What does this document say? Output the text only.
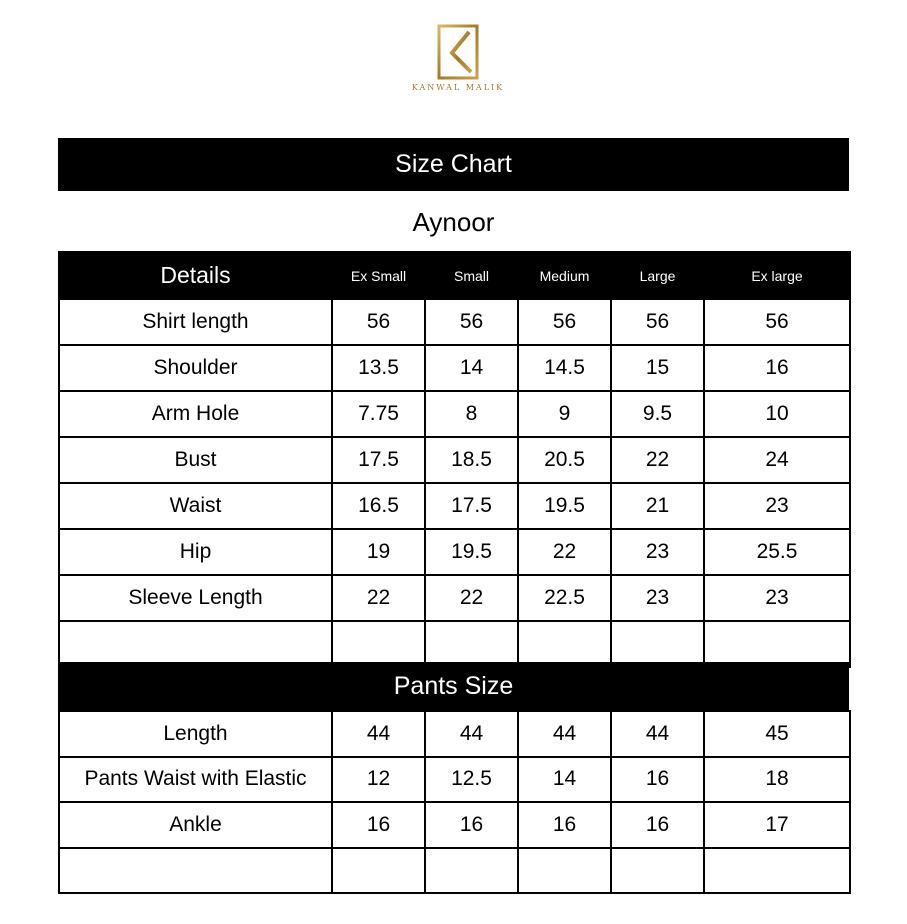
KANWAL MALIK
Size Chart
Aynoor
Details	Ex Small	Small	Medium	Large	Ex large
Shirt length	56	56	56	56	56
Shoulder	13.5	14	14.5	15	16
Arm Hole	7.75	8	9	9.5	10
Bust	17.5	18.5	20.5	22	24
Waist	16.5	17.5	19.5	21	23
Hip	19	19.5	22	23	25.5
Sleeve Length	22	22	22.5	23	23

Pants Size
Length	44	44	44	44	45
Pants Waist with Elastic	12	12.5	14	16	18
Ankle	16	16	16	16	17
